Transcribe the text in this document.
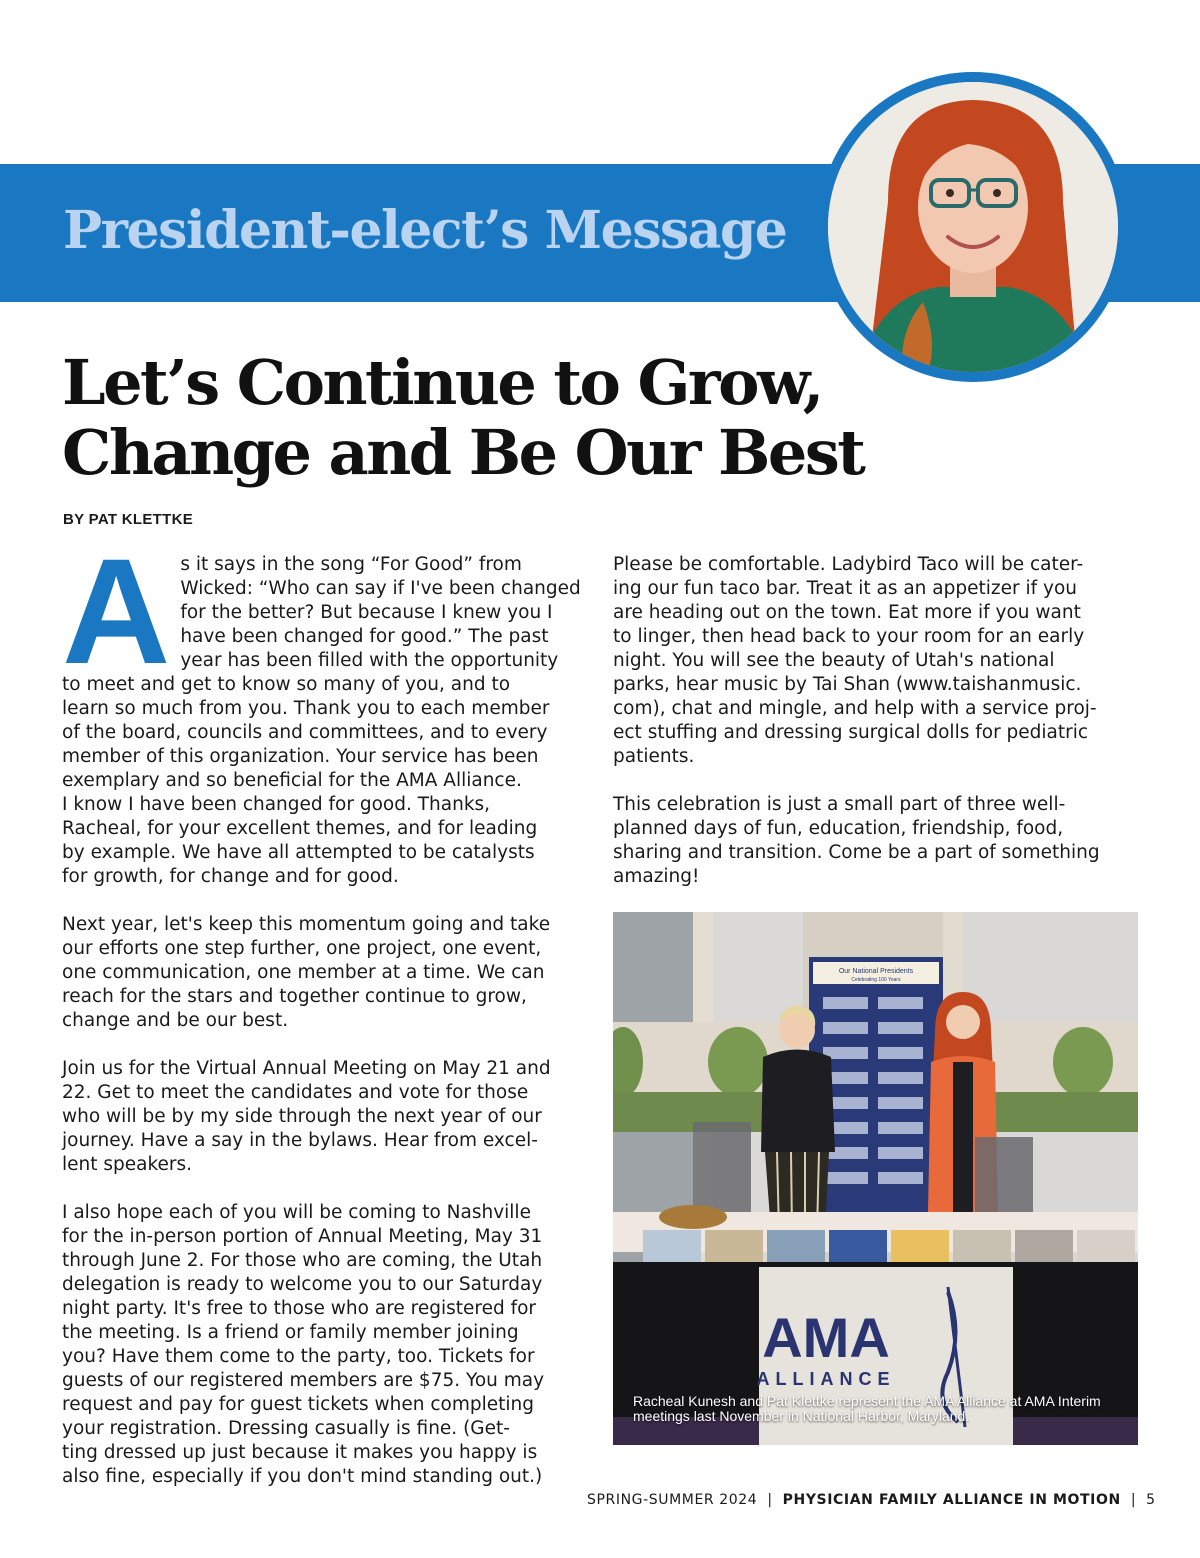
President-elect’s Message
Let’s Continue to Grow,
Change and Be Our Best
BY PAT KLETTKE

As it says in the song “For Good” from
Wicked: “Who can say if I've been changed
for the better? But because I knew you I
have been changed for good.” The past
year has been filled with the opportunity
to meet and get to know so many of you, and to
learn so much from you. Thank you to each member
of the board, councils and committees, and to every
member of this organization. Your service has been
exemplary and so beneficial for the AMA Alliance.
I know I have been changed for good. Thanks,
Racheal, for your excellent themes, and for leading
by example. We have all attempted to be catalysts
for growth, for change and for good.

Next year, let's keep this momentum going and take
our efforts one step further, one project, one event,
one communication, one member at a time. We can
reach for the stars and together continue to grow,
change and be our best.

Join us for the Virtual Annual Meeting on May 21 and
22. Get to meet the candidates and vote for those
who will be by my side through the next year of our
journey. Have a say in the bylaws. Hear from excel-
lent speakers.

I also hope each of you will be coming to Nashville
for the in-person portion of Annual Meeting, May 31
through June 2. For those who are coming, the Utah
delegation is ready to welcome you to our Saturday
night party. It's free to those who are registered for
the meeting. Is a friend or family member joining
you? Have them come to the party, too. Tickets for
guests of our registered members are $75. You may
request and pay for guest tickets when completing
your registration. Dressing casually is fine. (Get-
ting dressed up just because it makes you happy is
also fine, especially if you don't mind standing out.)

Please be comfortable. Ladybird Taco will be cater-
ing our fun taco bar. Treat it as an appetizer if you
are heading out on the town. Eat more if you want
to linger, then head back to your room for an early
night. You will see the beauty of Utah's national
parks, hear music by Tai Shan (www.taishanmusic.
com), chat and mingle, and help with a service proj-
ect stuffing and dressing surgical dolls for pediatric
patients.

This celebration is just a small part of three well-
planned days of fun, education, friendship, food,
sharing and transition. Come be a part of something
amazing!

Our National Presidents
Celebrating 100 Years
AMA
ALLIANCE
Racheal Kunesh and Pat Klettke represent the AMA Alliance at AMA Interim meetings last November in National Harbor, Maryland.
SPRING-SUMMER 2024 | PHYSICIAN FAMILY ALLIANCE IN MOTION | 5
